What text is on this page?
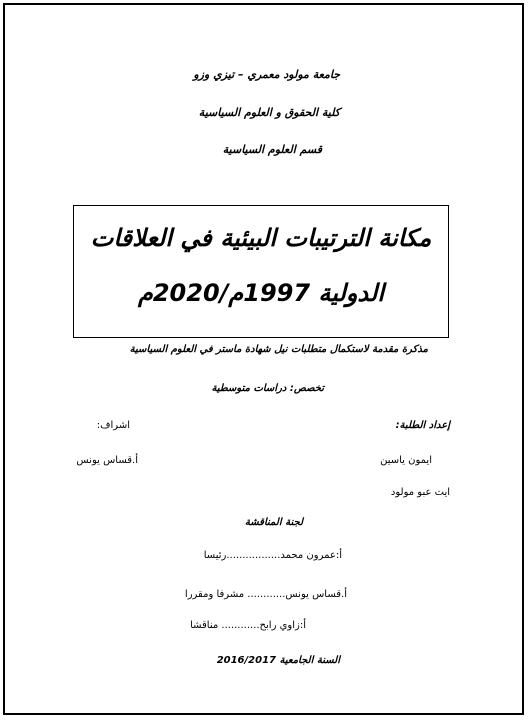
جامعة مولود معمري – تيزي وزو
كلية الحقوق و العلوم السياسية
قسم العلوم السياسية
مكانة الترتيبات البيئية في العلاقات
الدولية 1997م/2020م
مذكرة مقدمة لاستكمال متطلبات نيل شهادة ماستر في العلوم السياسية
تخصص: دراسات متوسطية
إعداد الطلبة:
ايمون ياسين
ايت عبو مولود
اشراف:
أ.قساس يونس
لجنة المناقشة
أ:عمرون محمد.................رئيسا
أ.قساس يونس............ مشرفا ومقررا
أ:زاوي رابح............ مناقشا
السنة الجامعية 2016/2017
